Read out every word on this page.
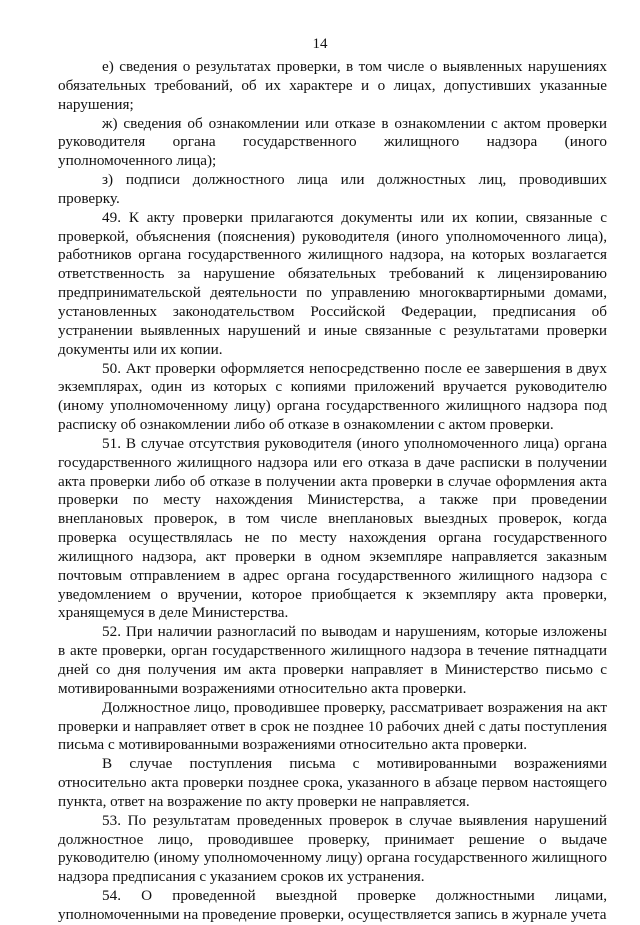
14

е) сведения о результатах проверки, в том числе о выявленных нарушениях обязательных требований, об их характере и о лицах, допустивших указанные нарушения;

ж) сведения об ознакомлении или отказе в ознакомлении с актом проверки руководителя органа государственного жилищного надзора (иного уполномоченного лица);

з) подписи должностного лица или должностных лиц, проводивших проверку.

49. К акту проверки прилагаются документы или их копии, связанные с проверкой, объяснения (пояснения) руководителя (иного уполномоченного лица), работников органа государственного жилищного надзора, на которых возлагается ответственность за нарушение обязательных требований к лицензированию предпринимательской деятельности по управлению многоквартирными домами, установленных законодательством Российской Федерации, предписания об устранении выявленных нарушений и иные связанные с результатами проверки документы или их копии.

50. Акт проверки оформляется непосредственно после ее завершения в двух экземплярах, один из которых с копиями приложений вручается руководителю (иному уполномоченному лицу) органа государственного жилищного надзора под расписку об ознакомлении либо об отказе в ознакомлении с актом проверки.

51. В случае отсутствия руководителя (иного уполномоченного лица) органа государственного жилищного надзора или его отказа в даче расписки в получении акта проверки либо об отказе в получении акта проверки в случае оформления акта проверки по месту нахождения Министерства, а также при проведении внеплановых проверок, в том числе внеплановых выездных проверок, когда проверка осуществлялась не по месту нахождения органа государственного жилищного надзора, акт проверки в одном экземпляре направляется заказным почтовым отправлением в адрес органа государственного жилищного надзора с уведомлением о вручении, которое приобщается к экземпляру акта проверки, хранящемуся в деле Министерства.

52. При наличии разногласий по выводам и нарушениям, которые изложены в акте проверки, орган государственного жилищного надзора в течение пятнадцати дней со дня получения им акта проверки направляет в Министерство письмо с мотивированными возражениями относительно акта проверки.

Должностное лицо, проводившее проверку, рассматривает возражения на акт проверки и направляет ответ в срок не позднее 10 рабочих дней с даты поступления письма с мотивированными возражениями относительно акта проверки.

В случае поступления письма с мотивированными возражениями относительно акта проверки позднее срока, указанного в абзаце первом настоящего пункта, ответ на возражение по акту проверки не направляется.

53. По результатам проведенных проверок в случае выявления нарушений должностное лицо, проводившее проверку, принимает решение о выдаче руководителю (иному уполномоченному лицу) органа государственного жилищного надзора предписания с указанием сроков их устранения.

54. О проведенной выездной проверке должностными лицами, уполномоченными на проведение проверки, осуществляется запись в журнале учета
